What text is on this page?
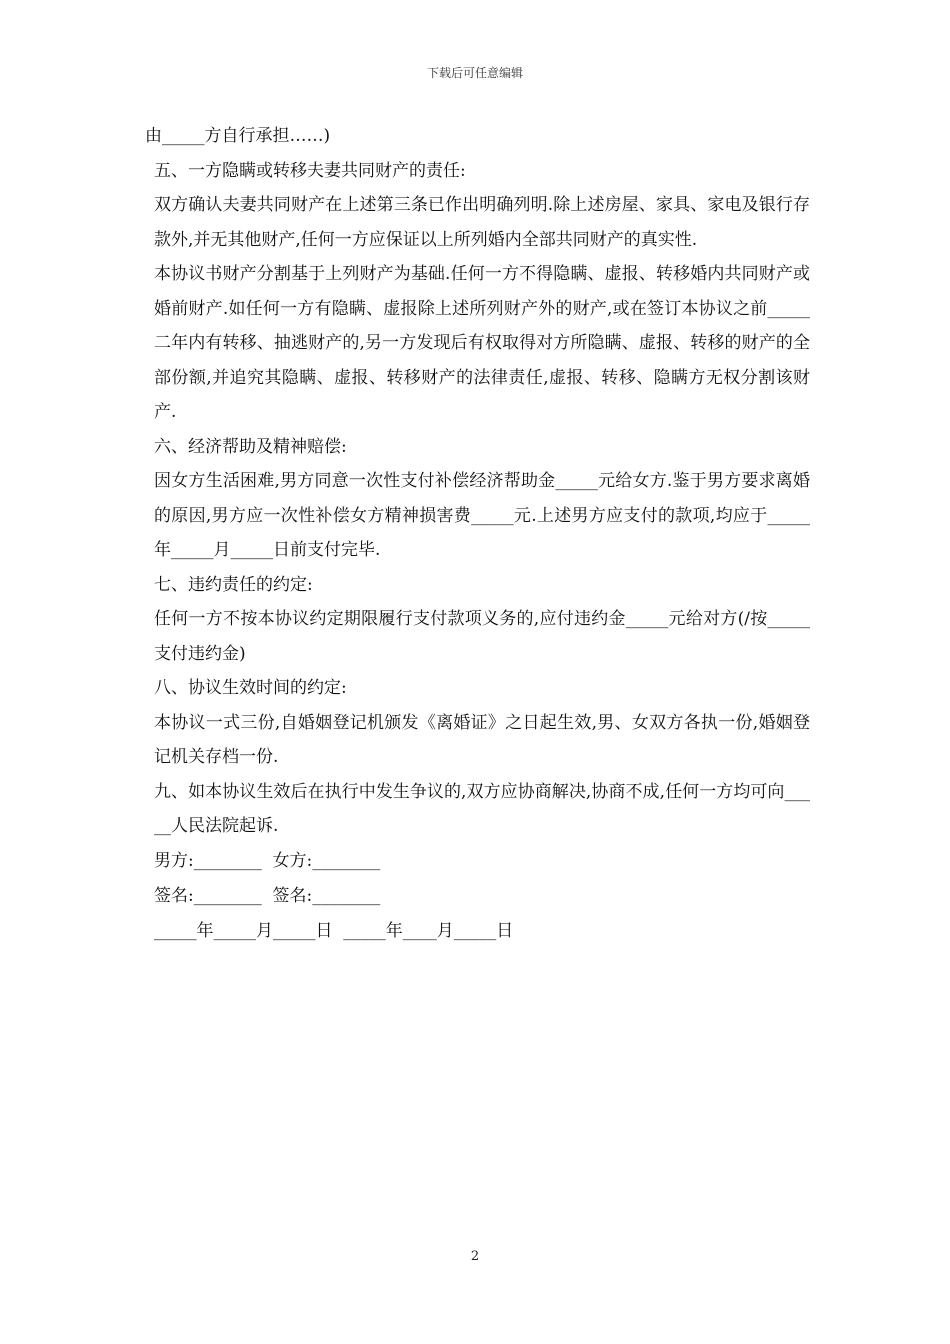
下载后可任意编辑

由_____方自行承担……)

五、一方隐瞒或转移夫妻共同财产的责任:

双方确认夫妻共同财产在上述第三条已作出明确列明.除上述房屋、家具、家电及银行存款外,并无其他财产,任何一方应保证以上所列婚内全部共同财产的真实性.

本协议书财产分割基于上列财产为基础.任何一方不得隐瞒、虚报、转移婚内共同财产或婚前财产.如任何一方有隐瞒、虚报除上述所列财产外的财产,或在签订本协议之前_____二年内有转移、抽逃财产的,另一方发现后有权取得对方所隐瞒、虚报、转移的财产的全部份额,并追究其隐瞒、虚报、转移财产的法律责任,虚报、转移、隐瞒方无权分割该财产.

六、经济帮助及精神赔偿:

因女方生活困难,男方同意一次性支付补偿经济帮助金_____元给女方.鉴于男方要求离婚的原因,男方应一次性补偿女方精神损害费_____元.上述男方应支付的款项,均应于_____年_____月_____日前支付完毕.

七、违约责任的约定:

任何一方不按本协议约定期限履行支付款项义务的,应付违约金_____元给对方(/按_____支付违约金)

八、协议生效时间的约定:

本协议一式三份,自婚姻登记机颁发《离婚证》之日起生效,男、女双方各执一份,婚姻登记机关存档一份.

九、如本协议生效后在执行中发生争议的,双方应协商解决,协商不成,任何一方均可向_____人民法院起诉.

男方:________  女方:________

签名:________  签名:________

_____年_____月_____日  _____年____月_____日

2
